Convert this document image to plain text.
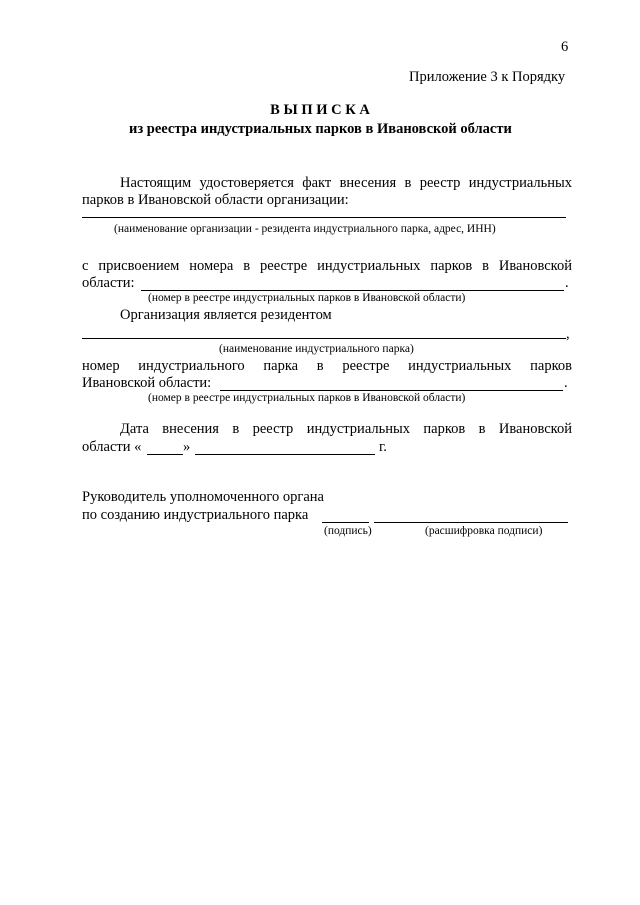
6
Приложение 3 к Порядку
В Ы П И С К А
из реестра индустриальных парков в Ивановской области
Настоящим удостоверяется факт внесения в реестр индустриальных
парков в Ивановской области организации:
(наименование организации - резидента индустриального парка, адрес, ИНН)
с присвоением номера в реестре индустриальных парков в Ивановской
области:	.
(номер в реестре индустриальных парков в Ивановской области)
Организация является резидентом
,
(наименование индустриального парка)
номер индустриального парка в реестре индустриальных парков
Ивановской области:	.
(номер в реестре индустриальных парков в Ивановской области)
Дата внесения в реестр индустриальных парков в Ивановской
области «	»	г.
Руководитель уполномоченного органа
по созданию индустриального парка
(подпись)	(расшифровка подписи)
